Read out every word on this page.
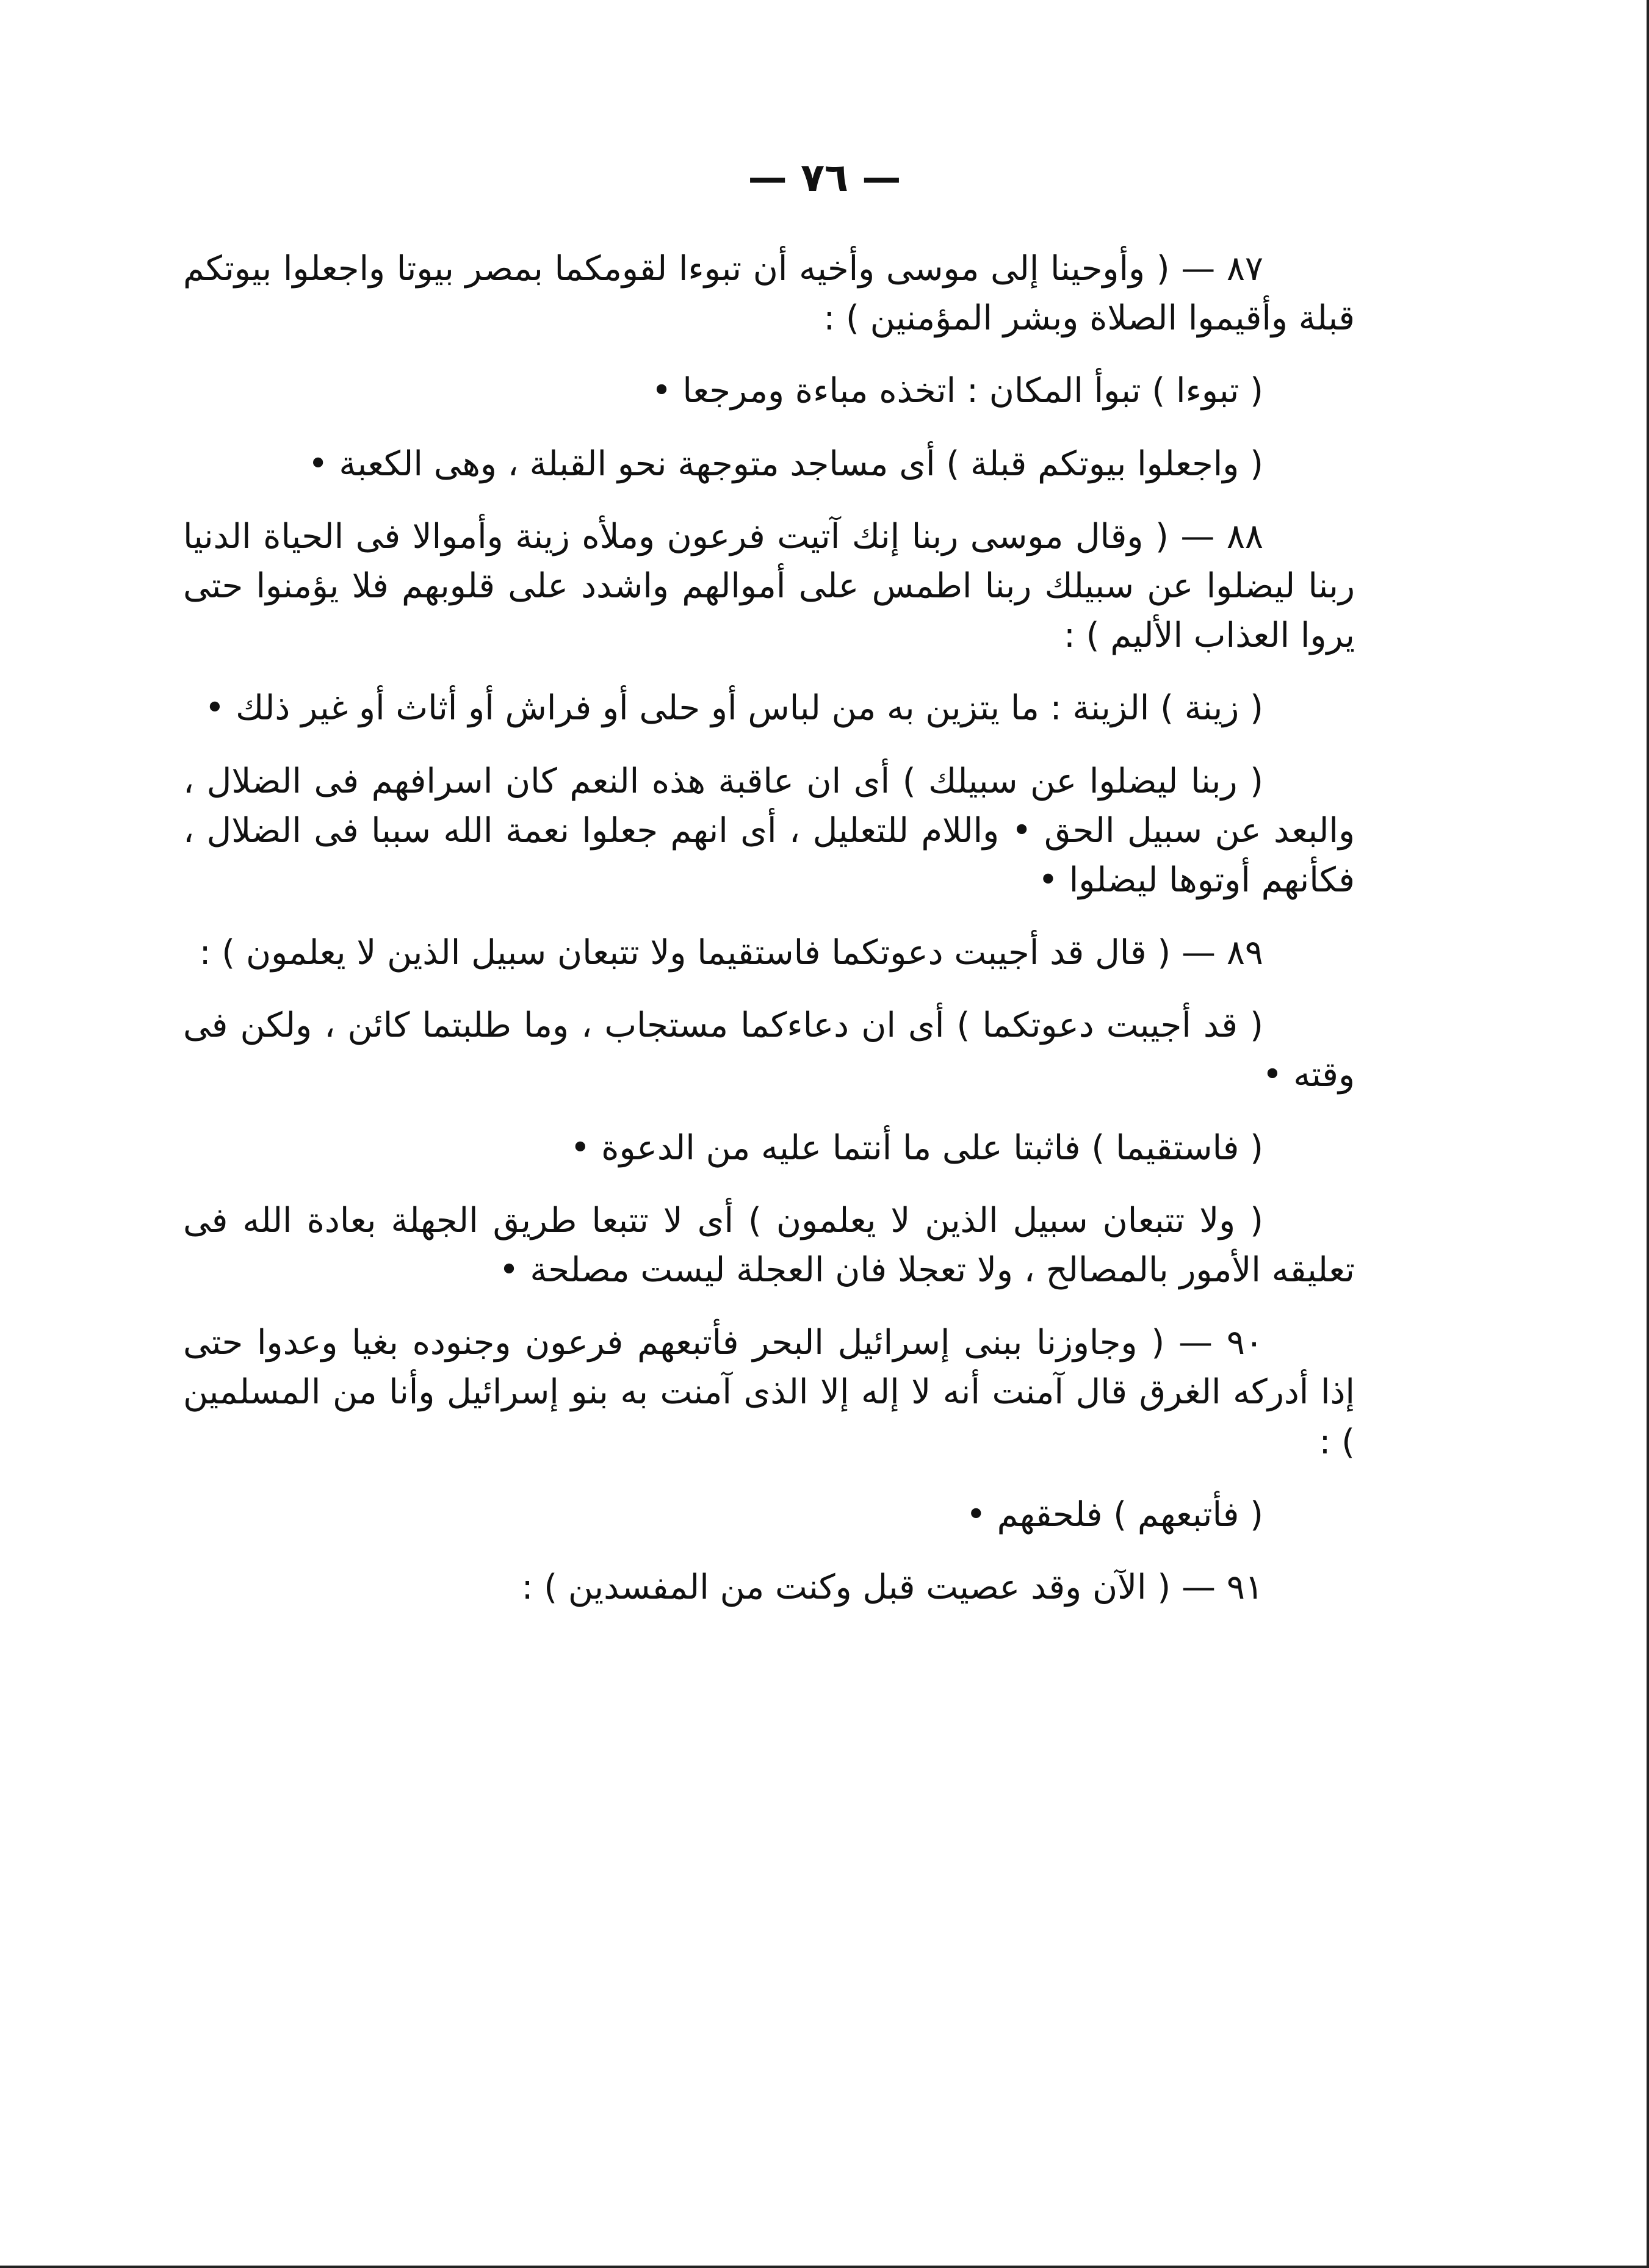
— ٧٦ —

٨٧ — ( وأوحينا إلى موسى وأخيه أن تبوءا لقومكما بمصر بيوتا واجعلوا بيوتكم قبلة وأقيموا الصلاة وبشر المؤمنين ) :

( تبوءا ) تبوأ المكان : اتخذه مباءة ومرجعا •

( واجعلوا بيوتكم قبلة ) أى مساجد متوجهة نحو القبلة ، وهى الكعبة •

٨٨ — ( وقال موسى ربنا إنك آتيت فرعون وملأه زينة وأموالا فى الحياة الدنيا ربنا ليضلوا عن سبيلك ربنا اطمس على أموالهم واشدد على قلوبهم فلا يؤمنوا حتى يروا العذاب الأليم ) :

( زينة ) الزينة : ما يتزين به من لباس أو حلى أو فراش أو أثاث أو غير ذلك •

( ربنا ليضلوا عن سبيلك ) أى ان عاقبة هذه النعم كان اسرافهم فى الضلال ، والبعد عن سبيل الحق • واللام للتعليل ، أى انهم جعلوا نعمة الله سببا فى الضلال ، فكأنهم أوتوها ليضلوا •

٨٩ — ( قال قد أجيبت دعوتكما فاستقيما ولا تتبعان سبيل الذين لا يعلمون ) :

( قد أجيبت دعوتكما ) أى ان دعاءكما مستجاب ، وما طلبتما كائن ، ولكن فى وقته •

( فاستقيما ) فاثبتا على ما أنتما عليه من الدعوة •

( ولا تتبعان سبيل الذين لا يعلمون ) أى لا تتبعا طريق الجهلة بعادة الله فى تعليقه الأمور بالمصالح ، ولا تعجلا فان العجلة ليست مصلحة •

٩٠ — ( وجاوزنا ببنى إسرائيل البحر فأتبعهم فرعون وجنوده بغيا وعدوا حتى إذا أدركه الغرق قال آمنت أنه لا إله إلا الذى آمنت به بنو إسرائيل وأنا من المسلمين ) :

( فأتبعهم ) فلحقهم •

٩١ — ( الآن وقد عصيت قبل وكنت من المفسدين ) :
